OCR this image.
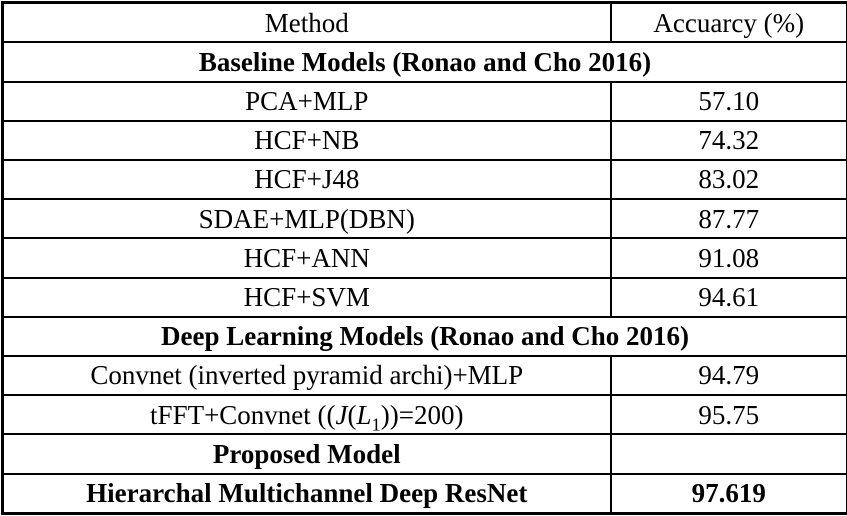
Method	Accuarcy (%)
Baseline Models (Ronao and Cho 2016)	
PCA+MLP	57.10
HCF+NB	74.32
HCF+J48	83.02
SDAE+MLP(DBN)	87.77
HCF+ANN	91.08
HCF+SVM	94.61
Deep Learning Models (Ronao and Cho 2016)	
Convnet (inverted pyramid archi)+MLP	94.79
tFFT+Convnet $((J(L_1))=200)$	95.75
Proposed Model	
Hierarchal Multichannel Deep ResNet	97.619
